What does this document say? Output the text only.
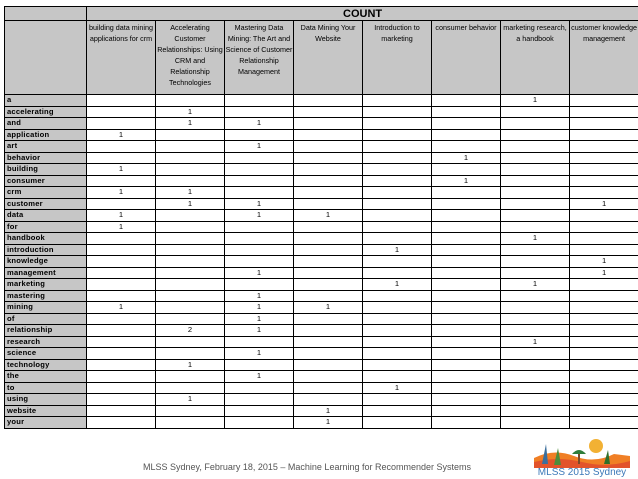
	COUNT							
	building data mining applications for crm	Accelerating Customer Relationships: Using CRM and Relationship Technologies	Mastering Data Mining: The Art and Science of Customer Relationship Management	Data Mining Your Website	Introduction to marketing	consumer behavior	marketing research, a handbook	customer knowledge management
a							1	
accelerating		1						
and		1	1					
application	1							
art			1					
behavior						1		
building	1							
consumer						1		
crm	1	1						
customer		1	1					1
data	1		1	1				
for	1							
handbook							1	
introduction					1			
knowledge								1
management			1					1
marketing					1		1	
mastering			1					
mining	1		1	1				
of			1					
relationship		2	1					
research							1	
science			1					
technology		1						
the			1					
to					1			
using		1						
website				1				
your				1				
MLSS Sydney, February 18, 2015 – Machine Learning for Recommender Systems	MLSS 2015 Sydney
